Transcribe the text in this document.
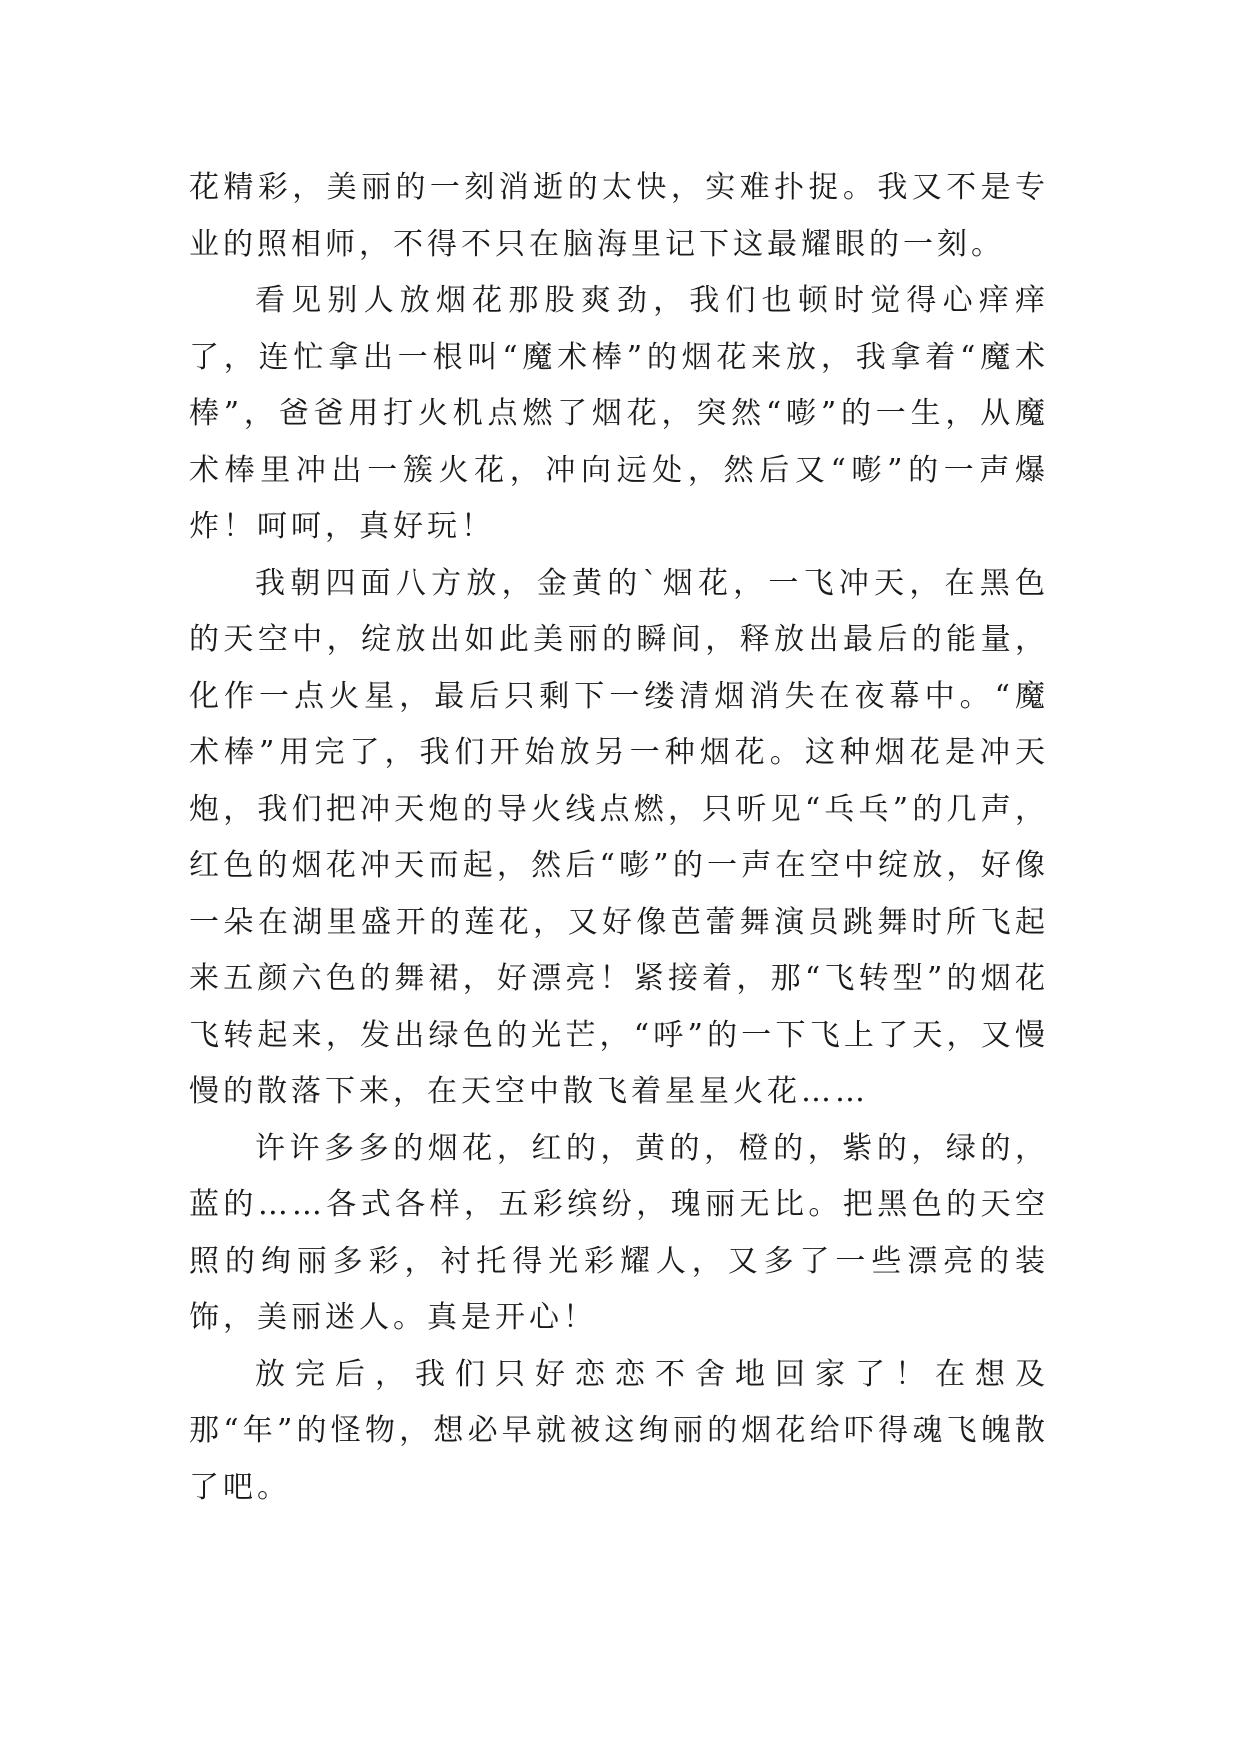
花精彩，美丽的一刻消逝的太快，实难扑捉。我又不是专业的照相师，不得不只在脑海里记下这最耀眼的一刻。

看见别人放烟花那股爽劲，我们也顿时觉得心痒痒了，连忙拿出一根叫“魔术棒”的烟花来放，我拿着“魔术棒”，爸爸用打火机点燃了烟花，突然“嘭”的一生，从魔术棒里冲出一簇火花，冲向远处，然后又“嘭”的一声爆炸！呵呵，真好玩！

我朝四面八方放，金黄的`烟花，一飞冲天，在黑色的天空中，绽放出如此美丽的瞬间，释放出最后的能量，化作一点火星，最后只剩下一缕清烟消失在夜幕中。“魔术棒”用完了，我们开始放另一种烟花。这种烟花是冲天炮，我们把冲天炮的导火线点燃，只听见“乓乓”的几声，红色的烟花冲天而起，然后“嘭”的一声在空中绽放，好像一朵在湖里盛开的莲花，又好像芭蕾舞演员跳舞时所飞起来五颜六色的舞裙，好漂亮！紧接着，那“飞转型”的烟花飞转起来，发出绿色的光芒，“呼”的一下飞上了天，又慢慢的散落下来，在天空中散飞着星星火花……

许许多多的烟花，红的，黄的，橙的，紫的，绿的，蓝的……各式各样，五彩缤纷，瑰丽无比。把黑色的天空照的绚丽多彩，衬托得光彩耀人，又多了一些漂亮的装饰，美丽迷人。真是开心！

放完后，我们只好恋恋不舍地回家了！在想及那“年”的怪物，想必早就被这绚丽的烟花给吓得魂飞魄散了吧。
